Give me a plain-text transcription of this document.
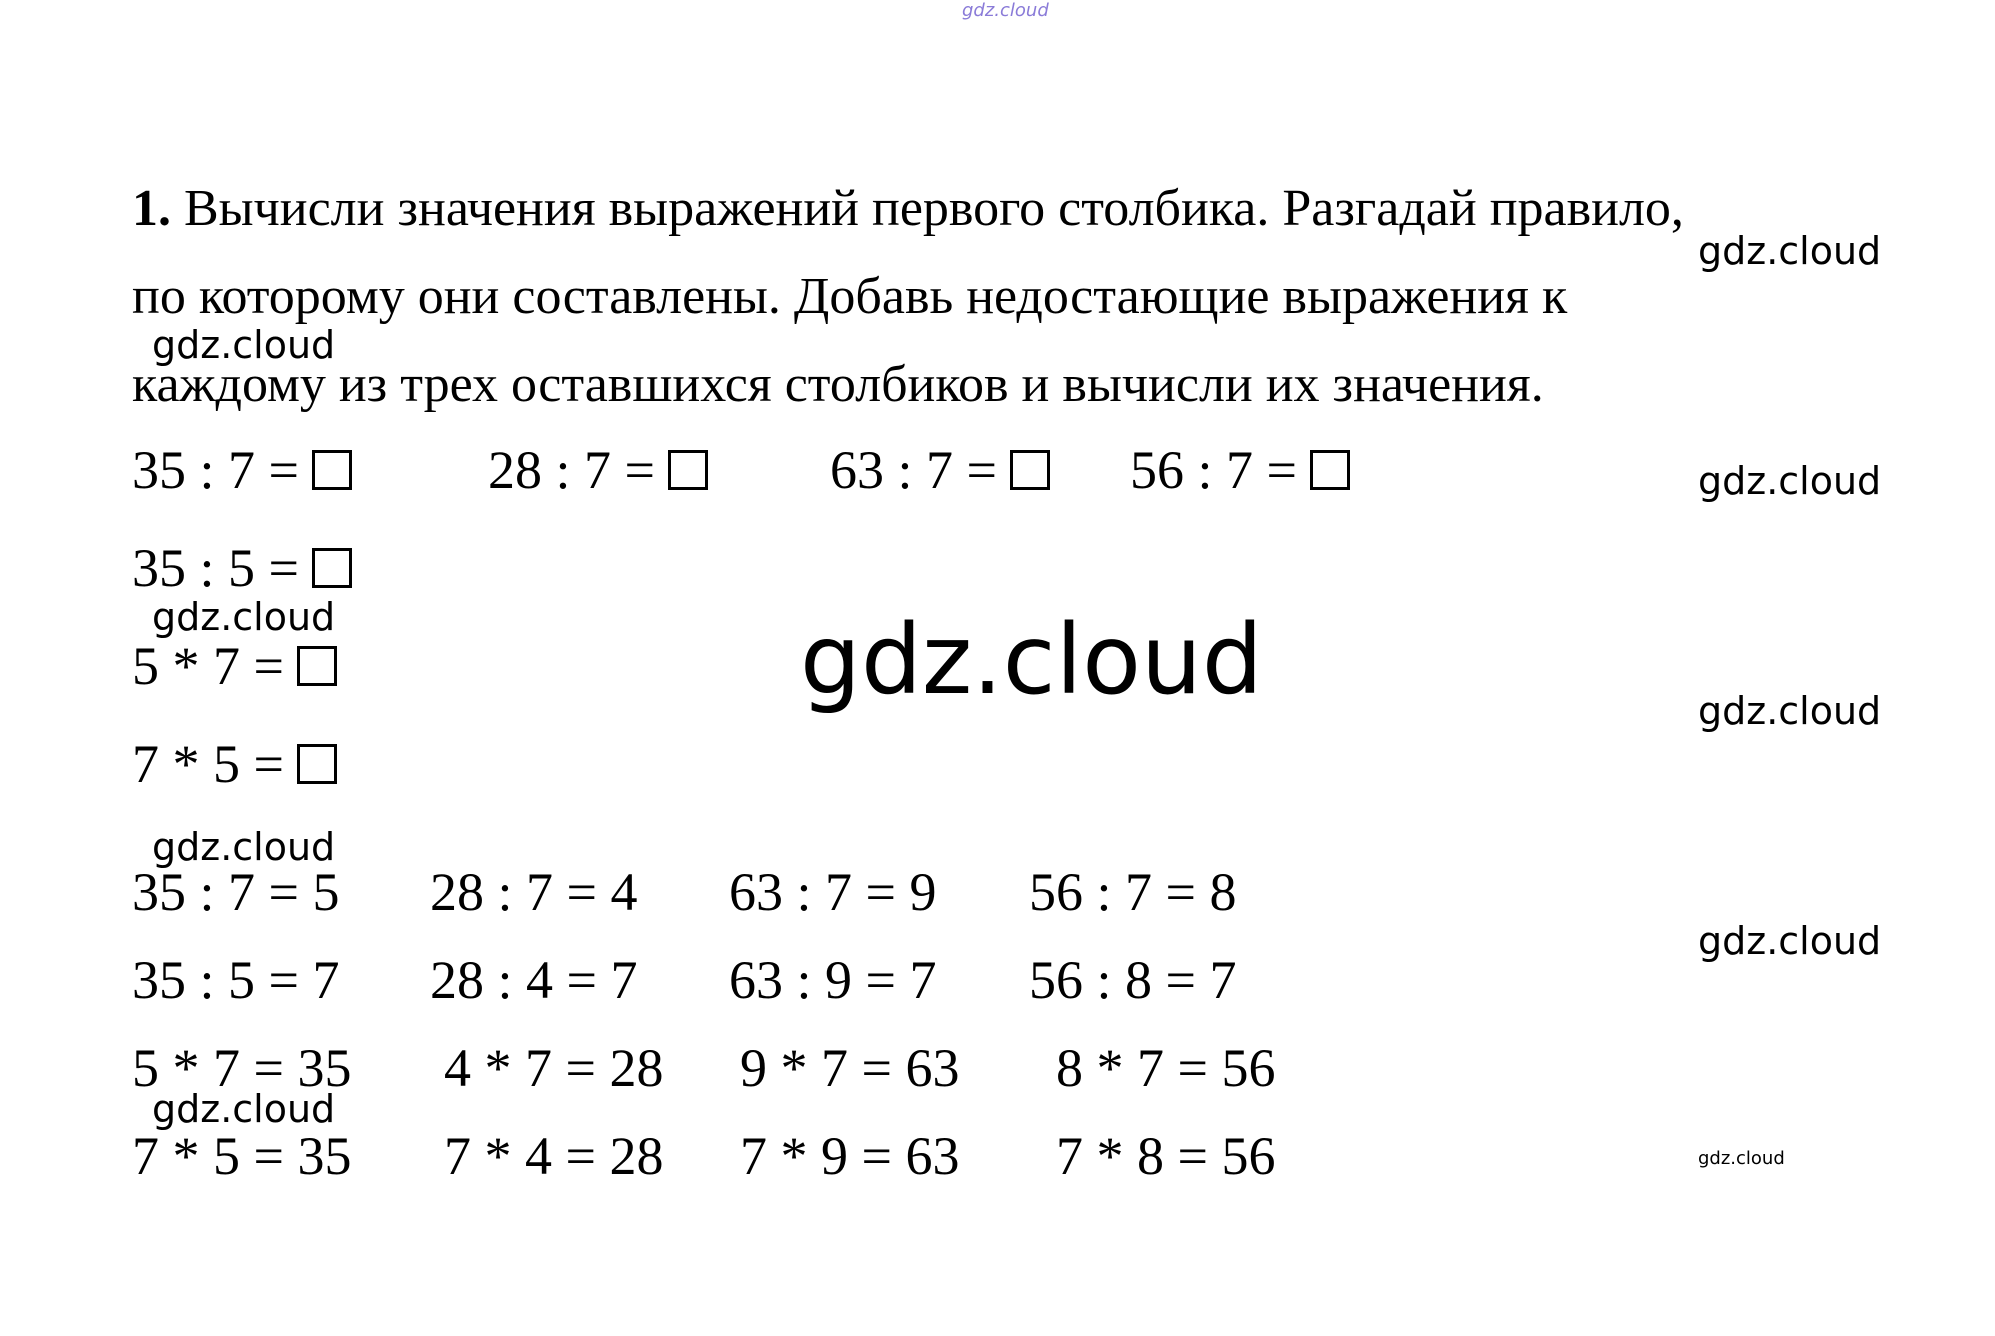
gdz.cloud
1. Вычисли значения выражений первого столбика. Разгадай правило,
по которому они составлены. Добавь недостающие выражения к
каждому из трех оставшихся столбиков и вычисли их значения.
35 : 7 =	28 : 7 =	63 : 7 =	56 : 7 =
35 : 5 =
5 * 7 =
7 * 5 =
35 : 7 = 5 28 : 7 = 4 63 : 7 = 9 56 : 7 = 8
35 : 5 = 7 28 : 4 = 7 63 : 9 = 7 56 : 8 = 7
5 * 7 = 35 4 * 7 = 28 9 * 7 = 63 8 * 7 = 56
7 * 5 = 35 7 * 4 = 28 7 * 9 = 63 7 * 8 = 56
gdz.cloud
gdz.cloud
gdz.cloud
gdz.cloud	gdz.cloud	gdz.cloud
gdz.cloud
gdz.cloud
gdz.cloud
gdz.cloud
